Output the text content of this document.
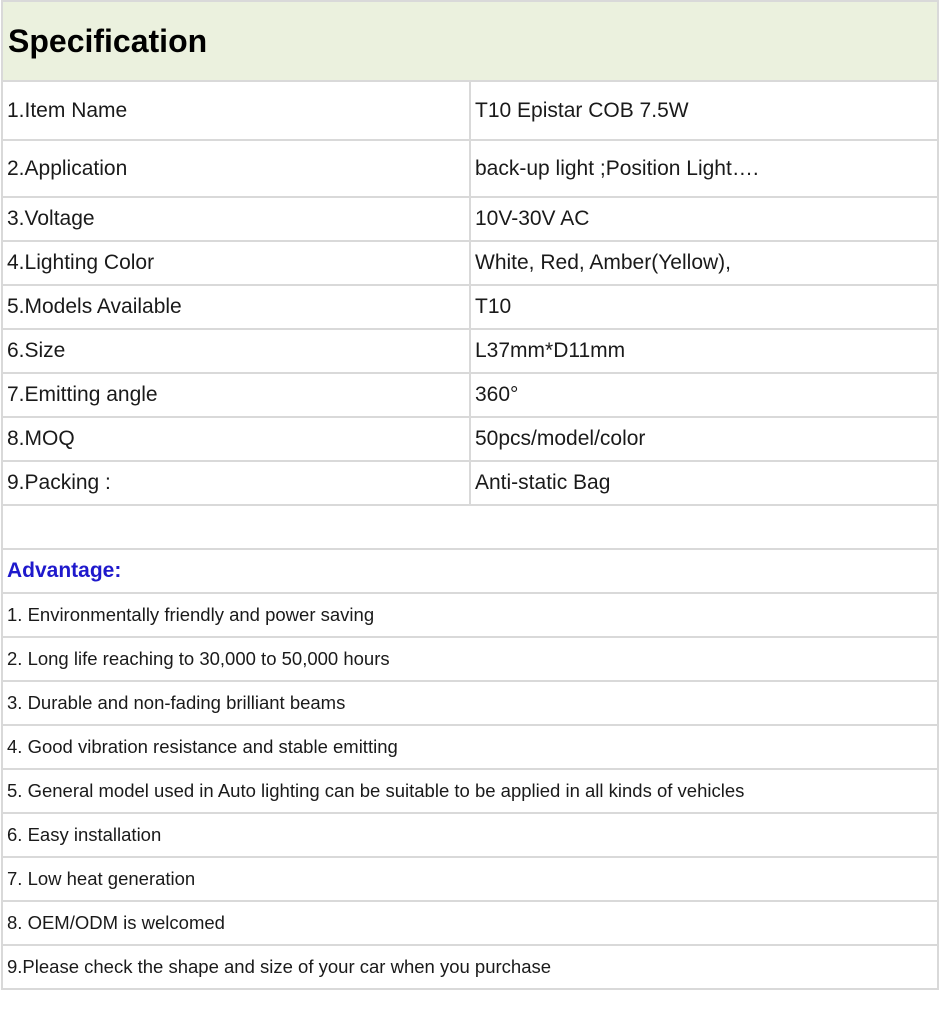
Specification	
1.Item Name	T10 Epistar COB 7.5W
2.Application	back-up light ;Position Light….
3.Voltage	10V-30V AC
4.Lighting Color	White, Red, Amber(Yellow),
5.Models Available	T10
6.Size	L37mm*D11mm
7.Emitting angle	360°
8.MOQ	50pcs/model/color
9.Packing :	Anti-static Bag

Advantage:	
1. Environmentally friendly and power saving	
2. Long life reaching to 30,000 to 50,000 hours	
3. Durable and non-fading brilliant beams	
4. Good vibration resistance and stable emitting	
5. General model used in Auto lighting can be suitable to be applied in all kinds of vehicles	
6. Easy installation	
7. Low heat generation	
8. OEM/ODM is welcomed	
9.Please check the shape and size of your car when you purchase	
